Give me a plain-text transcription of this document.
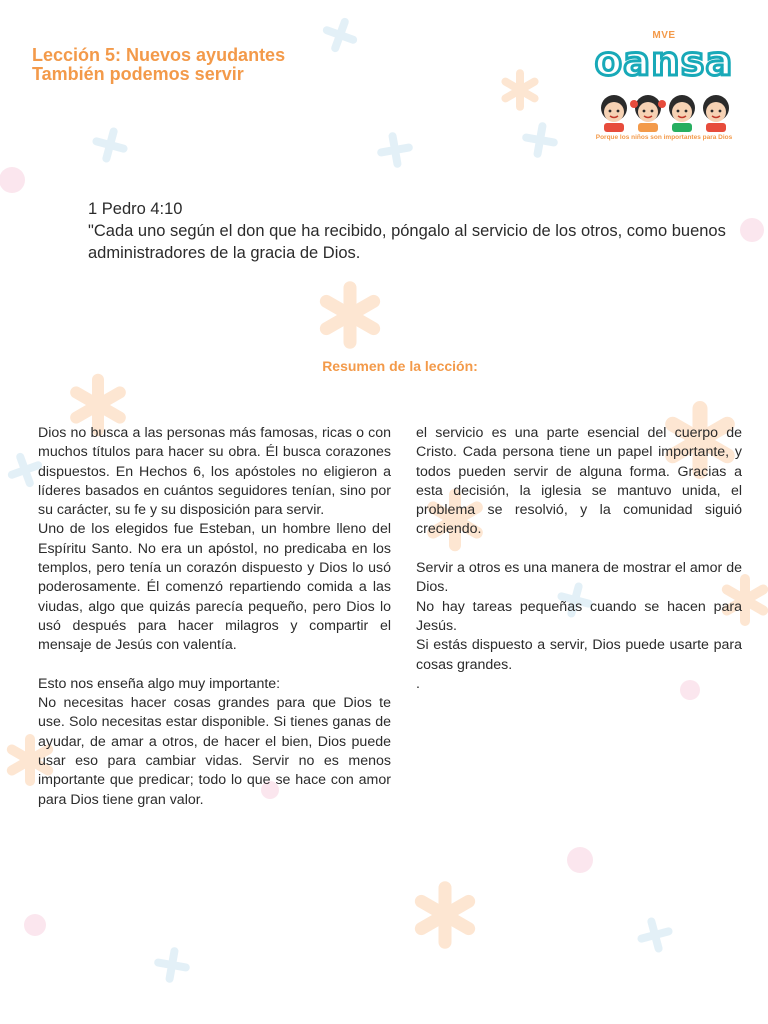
Lección 5: Nuevos ayudantes
También podemos servir
MVE
oansa
Porque los niños son importantes para Dios
1 Pedro 4:10
"Cada uno según el don que ha recibido, póngalo al servicio de los otros, como buenos administradores de la gracia de Dios.
Resumen de la lección:

Dios no busca a las personas más famosas, ricas o con muchos títulos para hacer su obra. Él busca corazones dispuestos. En Hechos 6, los apóstoles no eligieron a líderes basados en cuántos seguidores tenían, sino por su carácter, su fe y su disposición para servir.

Uno de los elegidos fue Esteban, un hombre lleno del Espíritu Santo. No era un apóstol, no predicaba en los templos, pero tenía un corazón dispuesto y Dios lo usó poderosamente. Él comenzó repartiendo comida a las viudas, algo que quizás parecía pequeño, pero Dios lo usó después para hacer milagros y compartir el mensaje de Jesús con valentía.

Esto nos enseña algo muy importante:

No necesitas hacer cosas grandes para que Dios te use. Solo necesitas estar disponible. Si tienes ganas de ayudar, de amar a otros, de hacer el bien, Dios puede usar eso para cambiar vidas. Servir no es menos importante que predicar; todo lo que se hace con amor para Dios tiene gran valor.

el servicio es una parte esencial del cuerpo de Cristo. Cada persona tiene un papel importante, y todos pueden servir de alguna forma. Gracias a esta decisión, la iglesia se mantuvo unida, el problema se resolvió, y la comunidad siguió creciendo.

Servir a otros es una manera de mostrar el amor de Dios.

No hay tareas pequeñas cuando se hacen para Jesús.

Si estás dispuesto a servir, Dios puede usarte para cosas grandes.

.
